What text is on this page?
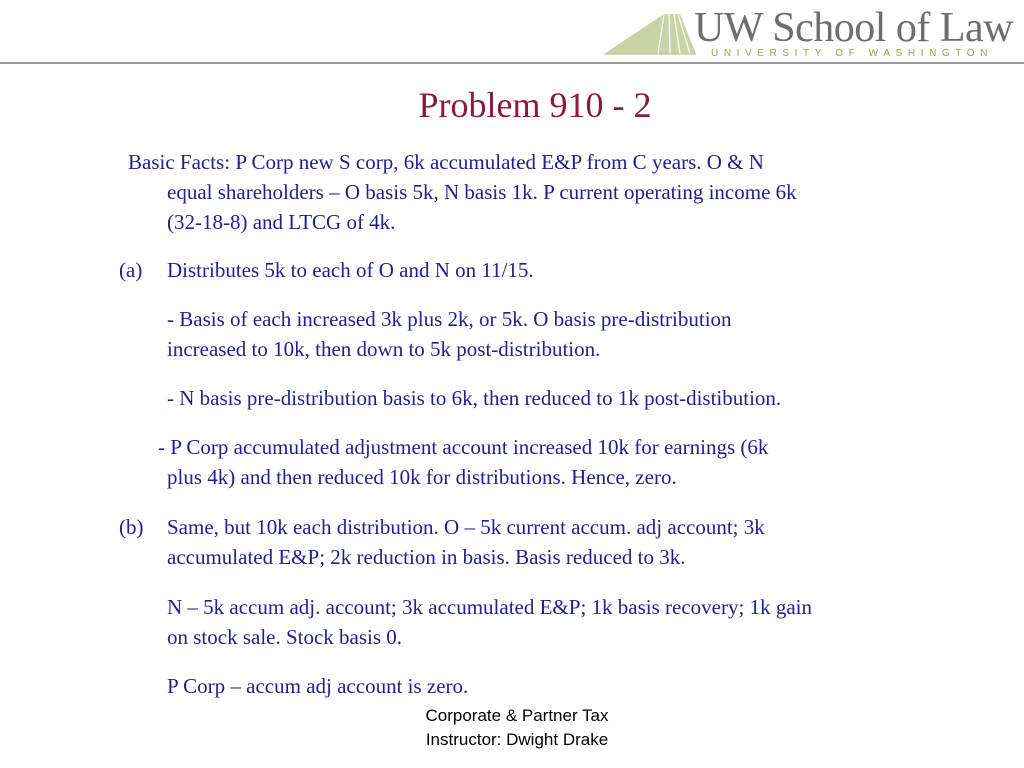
UW School of Law
UNIVERSITY OF WASHINGTON
Problem 910 - 2
Basic Facts: P Corp new S corp, 6k accumulated E&P from C years. O & N
equal shareholders – O basis 5k, N basis 1k. P current operating income 6k
(32-18-8) and LTCG of 4k.
(a) Distributes 5k to each of O and N on 11/15.
- Basis of each increased 3k plus 2k, or 5k. O basis pre-distribution
increased to 10k, then down to 5k post-distribution.
- N basis pre-distribution basis to 6k, then reduced to 1k post-distibution.
- P Corp accumulated adjustment account increased 10k for earnings (6k
plus 4k) and then reduced 10k for distributions. Hence, zero.
(b) Same, but 10k each distribution. O – 5k current accum. adj account; 3k
accumulated E&P; 2k reduction in basis. Basis reduced to 3k.
N – 5k accum adj. account; 3k accumulated E&P; 1k basis recovery; 1k gain
on stock sale. Stock basis 0.
P Corp – accum adj account is zero.
Corporate & Partner Tax
Instructor: Dwight Drake
